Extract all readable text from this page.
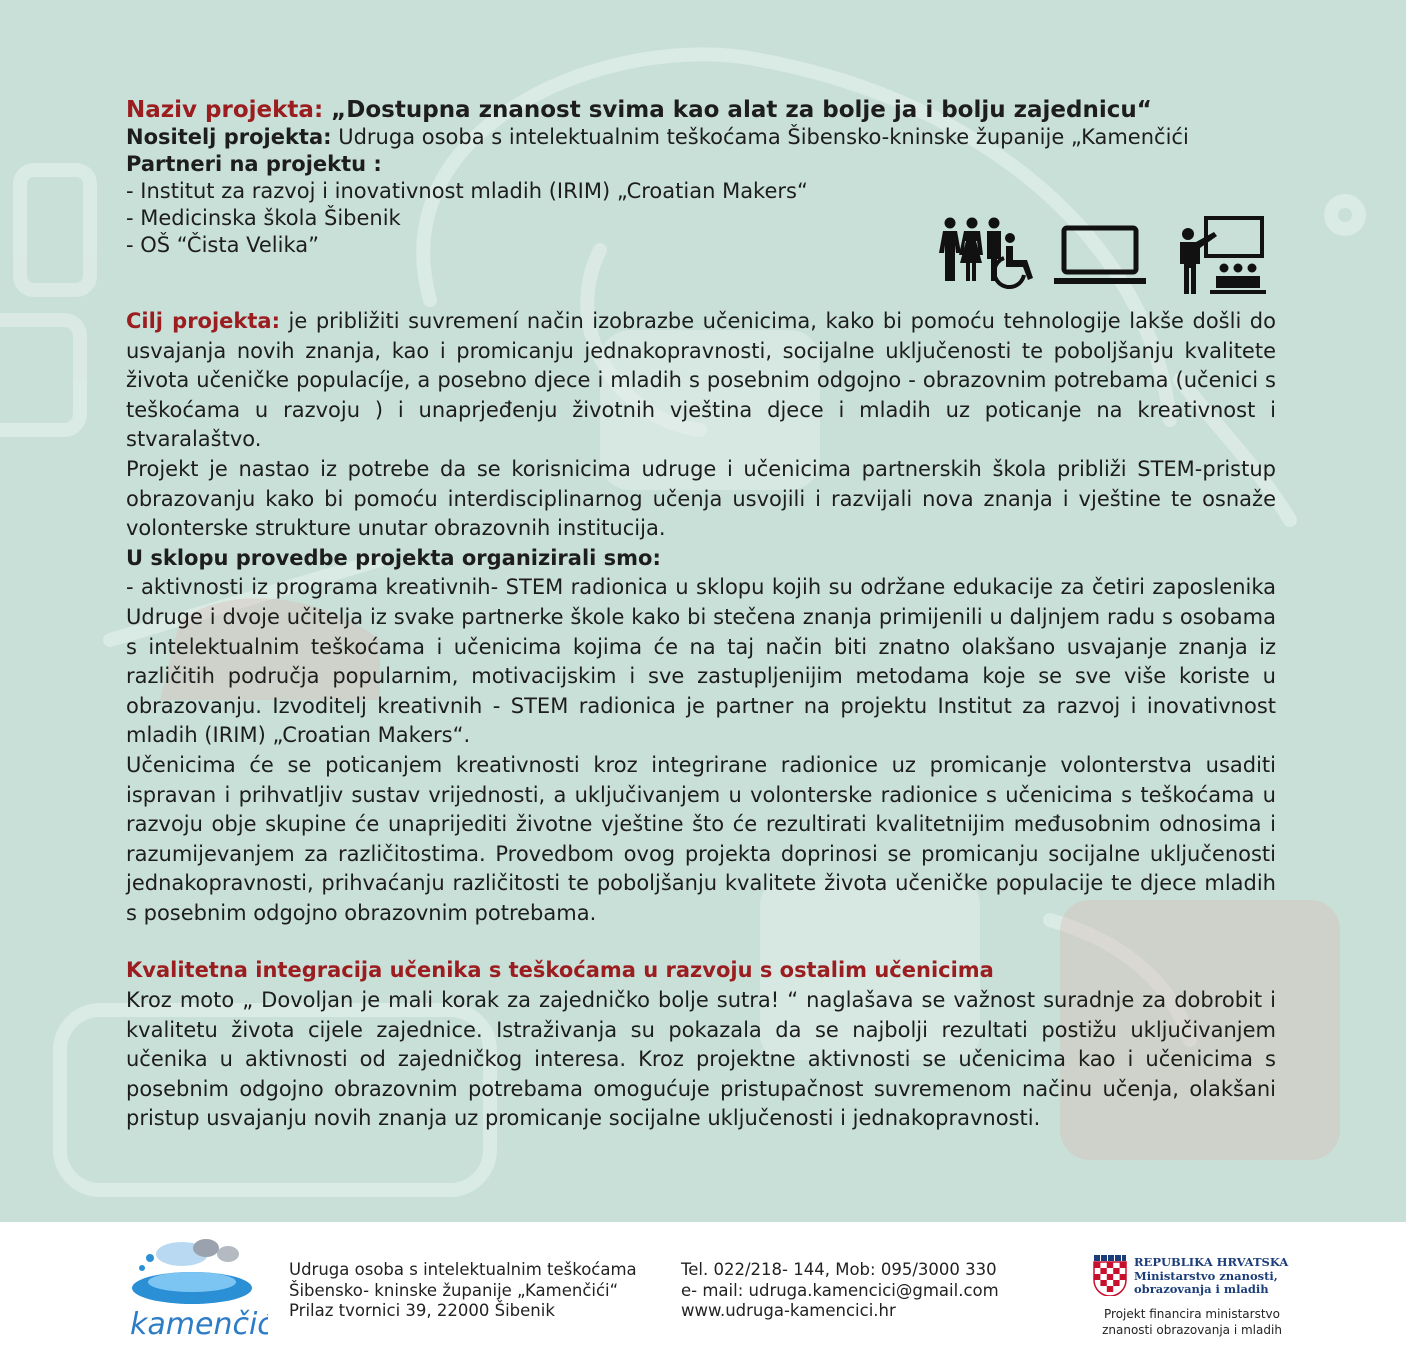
Naziv projekta: „Dostupna znanost svima kao alat za bolje ja i bolju zajednicu“
Nositelj projekta: Udruga osoba s intelektualnim teškoćama Šibensko-kninske županije „Kamenčići
Partneri na projektu :
- Institut za razvoj i inovativnost mladih (IRIM) „Croatian Makers“
- Medicinska škola Šibenik
- OŠ “Čista Velika”

Cilj projekta: je približiti suvremení način izobrazbe učenicima, kako bi pomoću tehnologije lakše došli do usvajanja novih znanja, kao i promicanju jednakopravnosti, socijalne uključenosti te poboljšanju kvalitete života učeničke populacíje, a posebno djece i mladih s posebnim odgojno - obrazovnim potrebama (učenici s teškoćama u razvoju ) i unaprjeđenju životnih vještina djece i mladih uz poticanje na kreativnost i stvaralaštvo.

Projekt je nastao iz potrebe da se korisnicima udruge i učenicima partnerskih škola približi STEM-pristup obrazovanju kako bi pomoću interdisciplinarnog učenja usvojili i razvijali nova znanja i vještine te osnaže volonterske strukture unutar obrazovnih institucija.

U sklopu provedbe projekta organizirali smo:

- aktivnosti iz programa kreativnih- STEM radionica u sklopu kojih su održane edukacije za četiri zaposlenika Udruge i dvoje učitelja iz svake partnerke škole kako bi stečena znanja primijenili u daljnjem radu s osobama s intelektualnim teškoćama i učenicima kojima će na taj način biti znatno olakšano usvajanje znanja iz različitih područja popularnim, motivacijskim i sve zastupljenijim metodama koje se sve više koriste u obrazovanju. Izvoditelj kreativnih - STEM radionica je partner na projektu Institut za razvoj i inovativnost mladih (IRIM) „Croatian Makers“.

Učenicima će se poticanjem kreativnosti kroz integrirane radionice uz promicanje volonterstva usaditi ispravan i prihvatljiv sustav vrijednosti, a uključivanjem u volonterske radionice s učenicima s teškoćama u razvoju obje skupine će unaprijediti životne vještine što će rezultirati kvalitetnijim međusobnim odnosima i razumijevanjem za različitostima. Provedbom ovog projekta doprinosi se promicanju socijalne uključenosti jednakopravnosti, prihvaćanju različitosti te poboljšanju kvalitete života učeničke populacije te djece mladih s posebnim odgojno obrazovnim potrebama.

Kvalitetna integracija učenika s teškoćama u razvoju s ostalim učenicima

Kroz moto „ Dovoljan je mali korak za zajedničko bolje sutra! “ naglašava se važnost suradnje za dobrobit i kvalitetu života cijele zajednice. Istraživanja su pokazala da se najbolji rezultati postižu uključivanjem učenika u aktivnosti od zajedničkog interesa. Kroz projektne aktivnosti se učenicima kao i učenicima s posebnim odgojno obrazovnim potrebama omogućuje pristupačnost suvremenom načinu učenja, olakšani pristup usvajanju novih znanja uz promicanje socijalne uključenosti i jednakopravnosti.

kamenčići
Udruga osoba s intelektualnim teškoćama
Šibensko- kninske županije „Kamenčići“
Prilaz tvornici 39, 22000 Šibenik
Tel. 022/218- 144, Mob: 095/3000 330
e- mail: udruga.kamencici@gmail.com
www.udruga-kamencici.hr
REPUBLIKA HRVATSKA
Ministarstvo znanosti,
obrazovanja i mladih
Projekt financira ministarstvo
znanosti obrazovanja i mladih
